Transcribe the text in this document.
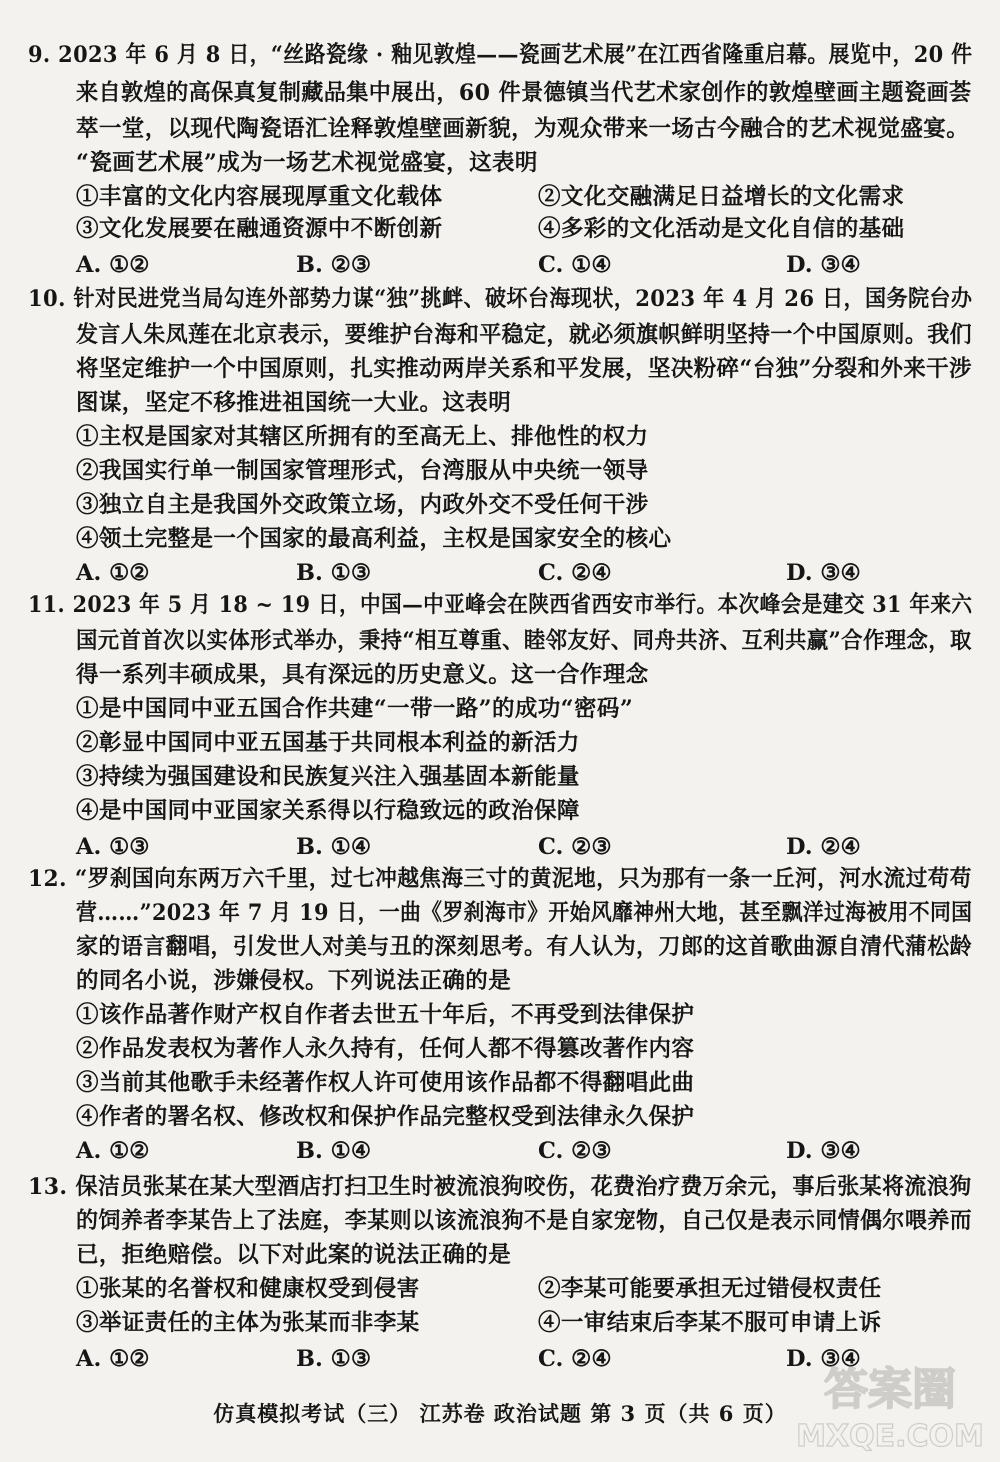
9. 2023 年 6 月 8 日，“丝路瓷缘 · 釉见敦煌——瓷画艺术展”在江西省隆重启幕。展览中，20 件
来自敦煌的高保真复制藏品集中展出，60 件景德镇当代艺术家创作的敦煌壁画主题瓷画荟
萃一堂，以现代陶瓷语汇诠释敦煌壁画新貌，为观众带来一场古今融合的艺术视觉盛宴。
“瓷画艺术展”成为一场艺术视觉盛宴，这表明
①丰富的文化内容展现厚重文化载体	②文化交融满足日益增长的文化需求
③文化发展要在融通资源中不断创新	④多彩的文化活动是文化自信的基础
A. ①②	B. ②③	C. ①④	D. ③④
10. 针对民进党当局勾连外部势力谋“独”挑衅、破坏台海现状，2023 年 4 月 26 日，国务院台办
发言人朱凤莲在北京表示，要维护台海和平稳定，就必须旗帜鲜明坚持一个中国原则。我们
将坚定维护一个中国原则，扎实推动两岸关系和平发展，坚决粉碎“台独”分裂和外来干涉
图谋，坚定不移推进祖国统一大业。这表明
①主权是国家对其辖区所拥有的至高无上、排他性的权力
②我国实行单一制国家管理形式，台湾服从中央统一领导
③独立自主是我国外交政策立场，内政外交不受任何干涉
④领土完整是一个国家的最高利益，主权是国家安全的核心
A. ①②	B. ①③	C. ②④	D. ③④
11. 2023 年 5 月 18 ~ 19 日，中国—中亚峰会在陕西省西安市举行。本次峰会是建交 31 年来六
国元首首次以实体形式举办，秉持“相互尊重、睦邻友好、同舟共济、互利共赢”合作理念，取
得一系列丰硕成果，具有深远的历史意义。这一合作理念
①是中国同中亚五国合作共建“一带一路”的成功“密码”
②彰显中国同中亚五国基于共同根本利益的新活力
③持续为强国建设和民族复兴注入强基固本新能量
④是中国同中亚国家关系得以行稳致远的政治保障
A. ①③	B. ①④	C. ②③	D. ②④
12. “罗刹国向东两万六千里，过七冲越焦海三寸的黄泥地，只为那有一条一丘河，河水流过苟苟
营……”2023 年 7 月 19 日，一曲《罗刹海市》开始风靡神州大地，甚至飘洋过海被用不同国
家的语言翻唱，引发世人对美与丑的深刻思考。有人认为，刀郎的这首歌曲源自清代蒲松龄
的同名小说，涉嫌侵权。下列说法正确的是
①该作品著作财产权自作者去世五十年后，不再受到法律保护
②作品发表权为著作人永久持有，任何人都不得篡改著作内容
③当前其他歌手未经著作权人许可使用该作品都不得翻唱此曲
④作者的署名权、修改权和保护作品完整权受到法律永久保护
A. ①②	B. ①④	C. ②③	D. ③④
13. 保洁员张某在某大型酒店打扫卫生时被流浪狗咬伤，花费治疗费万余元，事后张某将流浪狗
的饲养者李某告上了法庭，李某则以该流浪狗不是自家宠物，自己仅是表示同情偶尔喂养而
已，拒绝赔偿。以下对此案的说法正确的是
①张某的名誉权和健康权受到侵害	②李某可能要承担无过错侵权责任
③举证责任的主体为张某而非李某	④一审结束后李某不服可申请上诉
A. ①②	B. ①③	C. ②④	D. ③④
仿真模拟考试（三） 江苏卷 政治试题 第 3 页（共 6 页） 答案圈
MXQE.COM
